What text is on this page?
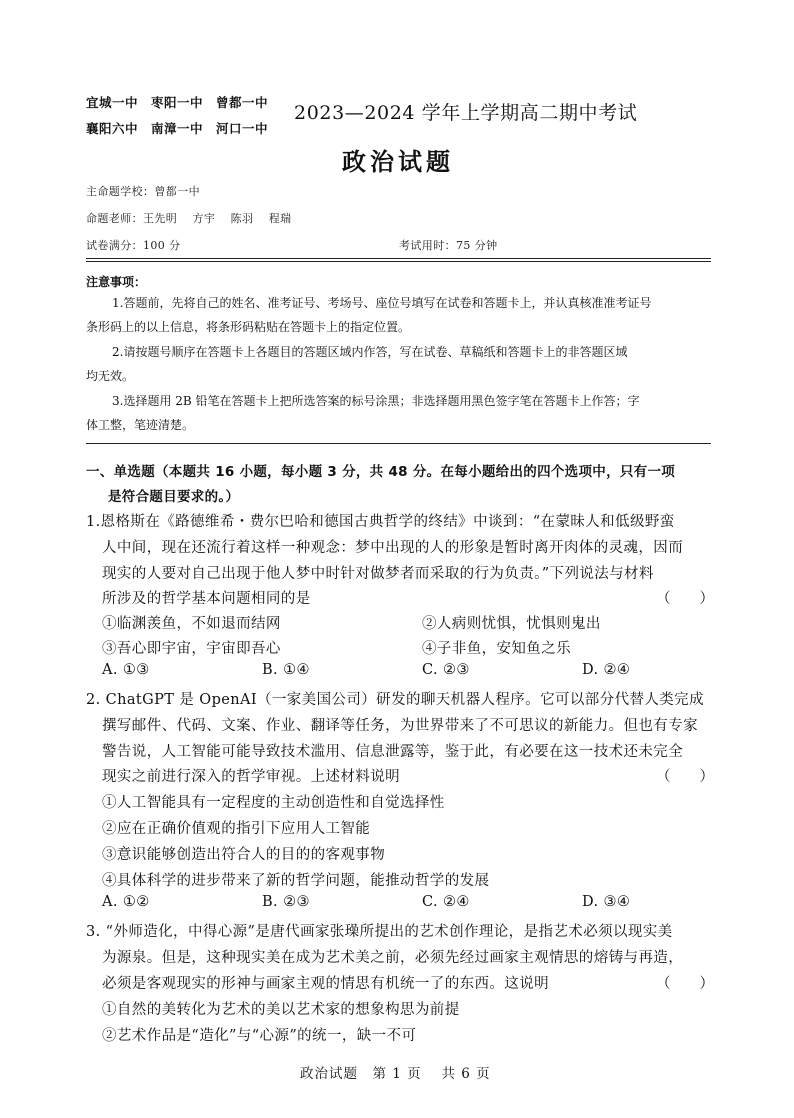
宜城一中　枣阳一中　曾都一中
襄阳六中　南漳一中　河口一中
2023—2024 学年上学期高二期中考试
政治试题
主命题学校：曾都一中
命题老师：王先明　 方宇　 陈羽　 程瑞
试卷满分：100 分	考试用时：75 分钟
注意事项：
1.答题前，先将自己的姓名、准考证号、考场号、座位号填写在试卷和答题卡上，并认真核准准考证号
条形码上的以上信息，将条形码粘贴在答题卡上的指定位置。
2.请按题号顺序在答题卡上各题目的答题区域内作答，写在试卷、草稿纸和答题卡上的非答题区域
均无效。
3.选择题用 2B 铅笔在答题卡上把所选答案的标号涂黑；非选择题用黑色签字笔在答题卡上作答；字
体工整，笔迹清楚。
一、单选题（本题共 16 小题，每小题 3 分，共 48 分。在每小题给出的四个选项中，只有一项
是符合题目要求的。）
1.恩格斯在《路德维希・费尔巴哈和德国古典哲学的终结》中谈到：“在蒙昧人和低级野蛮
人中间，现在还流行着这样一种观念：梦中出现的人的形象是暂时离开肉体的灵魂，因而
现实的人要对自己出现于他人梦中时针对做梦者而采取的行为负责。”下列说法与材料
所涉及的哲学基本问题相同的是	（　　）
①临渊羡鱼，不如退而结网	②人病则忧惧，忧惧则鬼出
③吾心即宇宙，宇宙即吾心	④子非鱼，安知鱼之乐
A. ①③	B. ①④	C. ②③	D. ②④
2. ChatGPT 是 OpenAI（一家美国公司）研发的聊天机器人程序。它可以部分代替人类完成
撰写邮件、代码、文案、作业、翻译等任务，为世界带来了不可思议的新能力。但也有专家
警告说，人工智能可能导致技术滥用、信息泄露等，鉴于此，有必要在这一技术还未完全
现实之前进行深入的哲学审视。上述材料说明	（　　）
①人工智能具有一定程度的主动创造性和自觉选择性
②应在正确价值观的指引下应用人工智能
③意识能够创造出符合人的目的的客观事物
④具体科学的进步带来了新的哲学问题，能推动哲学的发展
A. ①②	B. ②③	C. ②④	D. ③④
3. “外师造化，中得心源”是唐代画家张璪所提出的艺术创作理论，是指艺术必须以现实美
为源泉。但是，这种现实美在成为艺术美之前，必须先经过画家主观情思的熔铸与再造，
必须是客观现实的形神与画家主观的情思有机统一了的东西。这说明	（　　）
①自然的美转化为艺术的美以艺术家的想象构思为前提
②艺术作品是“造化”与“心源”的统一，缺一不可
政治试题　第 1 页　 共 6 页
